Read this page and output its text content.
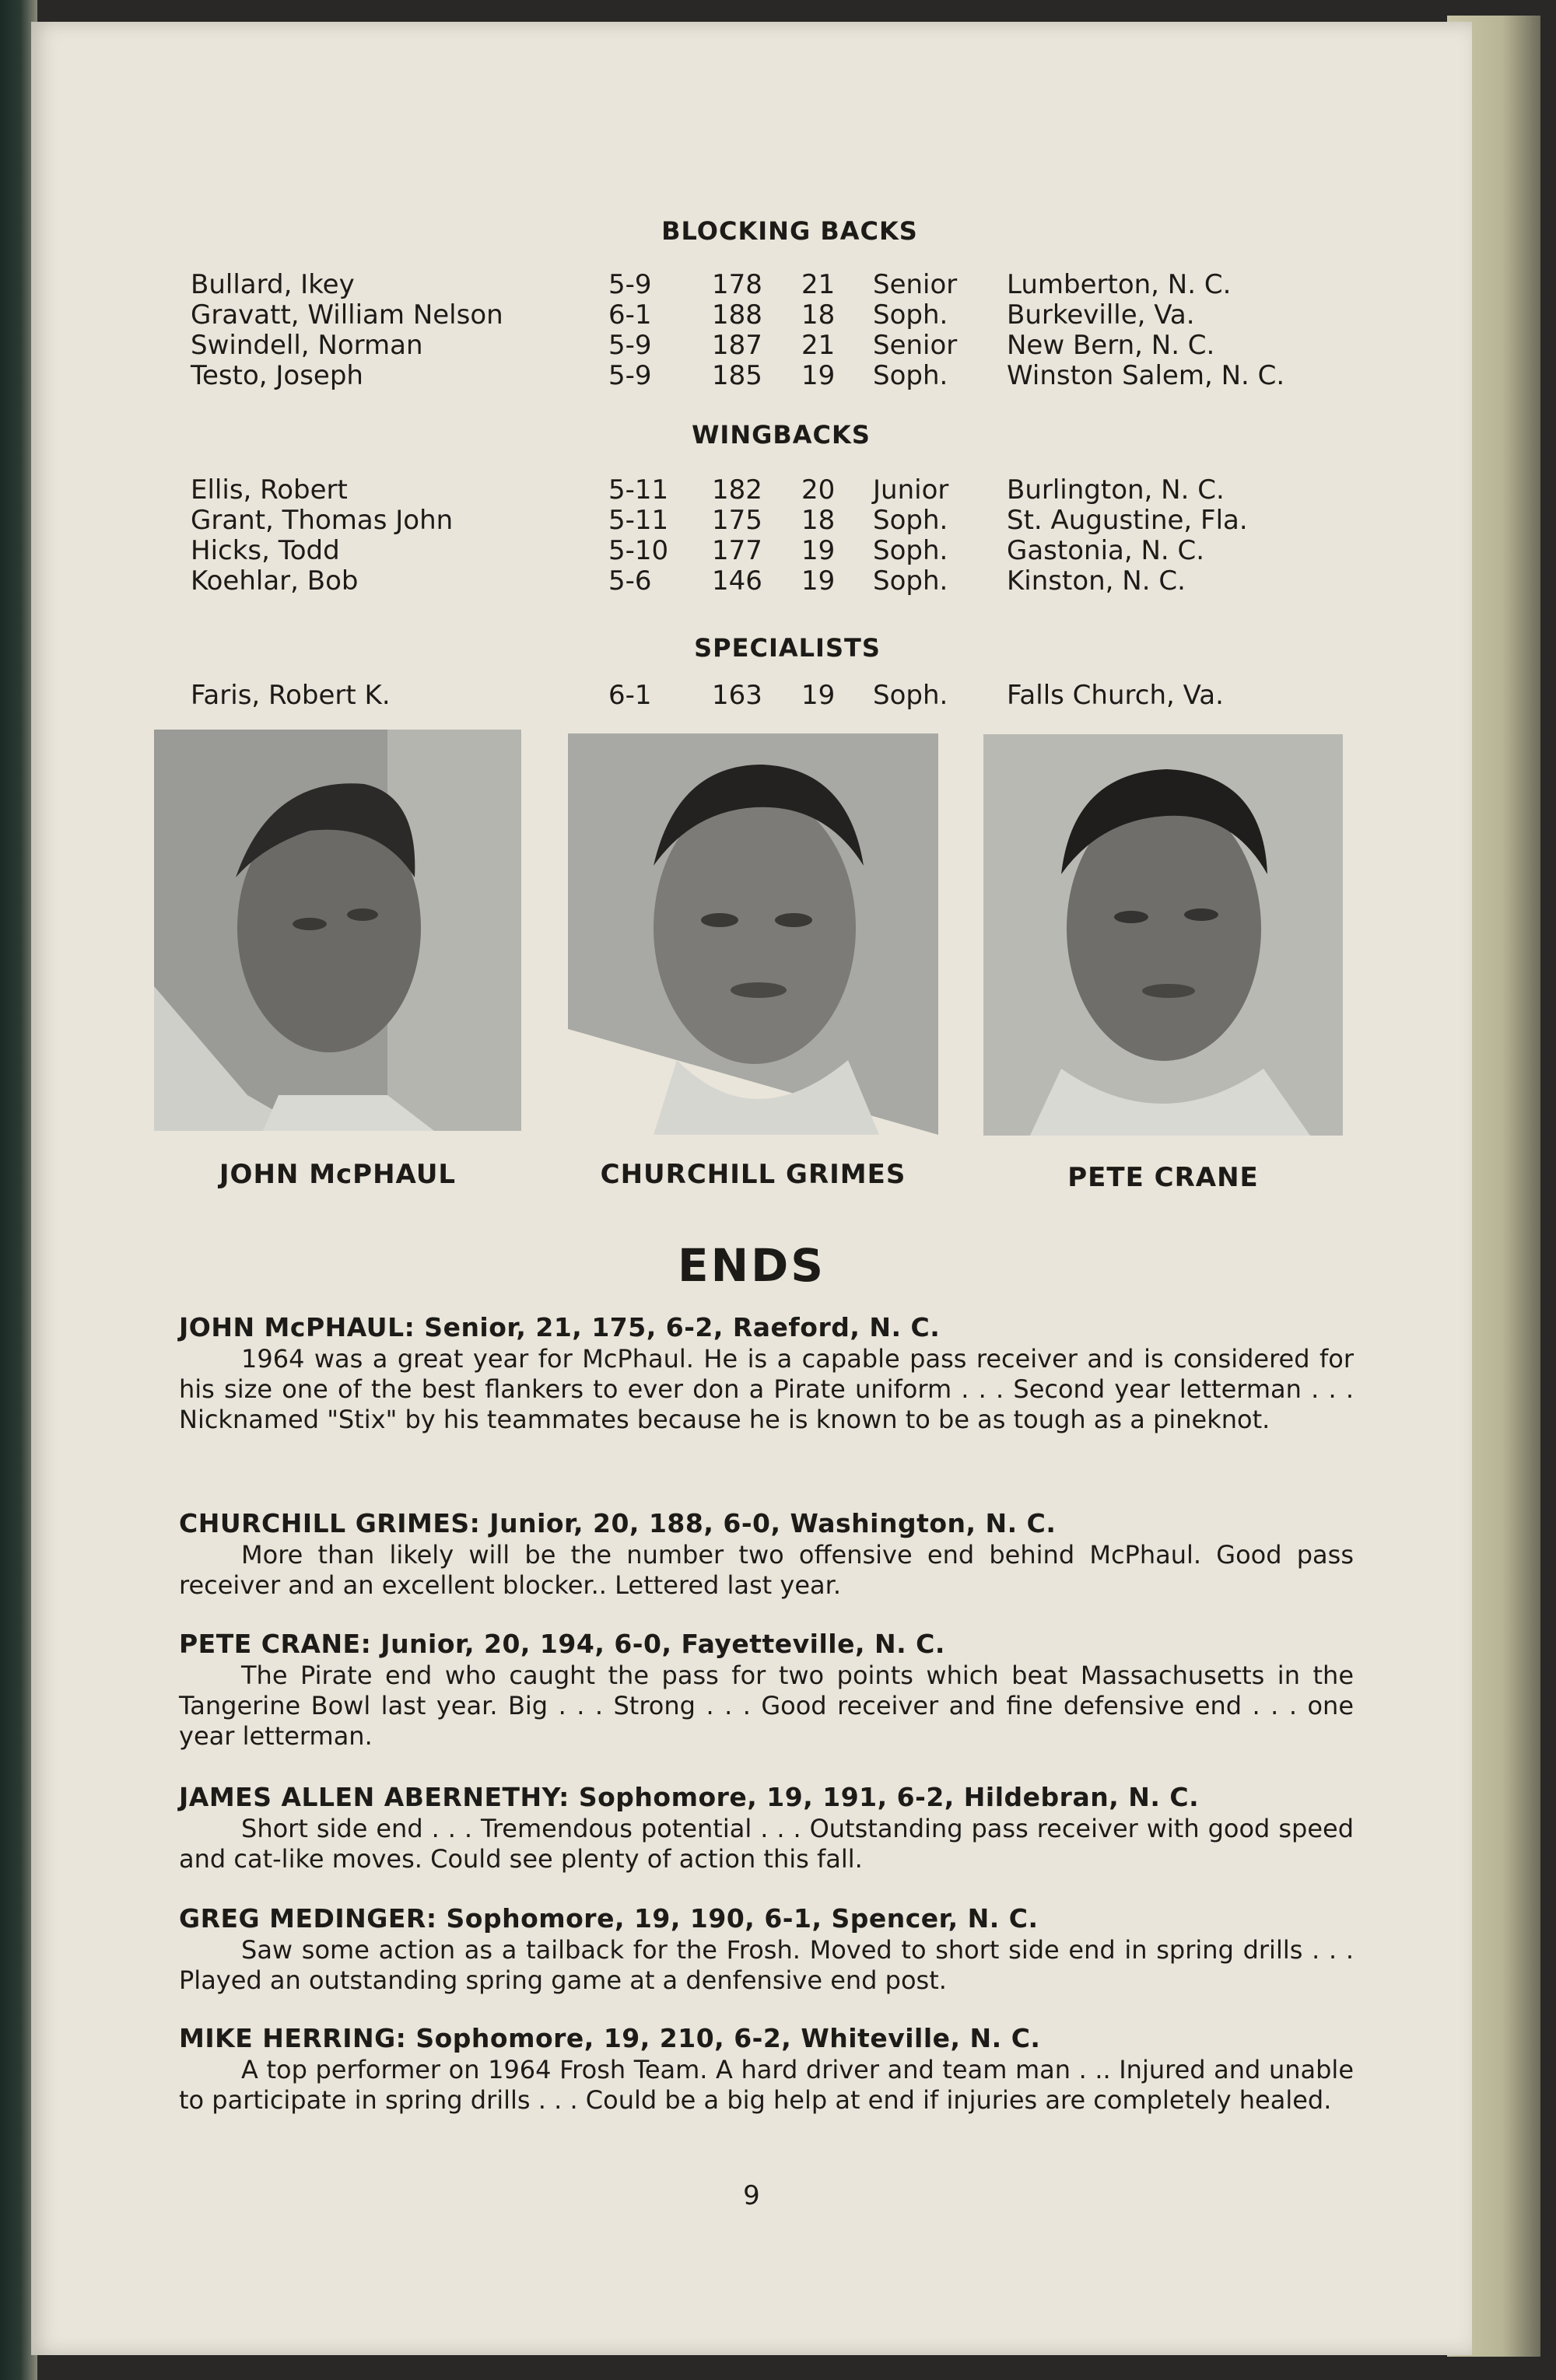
BLOCKING BACKS
Bullard, Ikey	5-9 178 21 Senior Lumberton, N. C.
Gravatt, William Nelson	6-1 188 18 Soph. Burkeville, Va.
Swindell, Norman	5-9 187 21 Senior New Bern, N. C.
Testo, Joseph	5-9 185 19 Soph. Winston Salem, N. C.
WINGBACKS
Ellis, Robert	5-11 182 20 Junior Burlington, N. C.
Grant, Thomas John	5-11 175 18 Soph. St. Augustine, Fla.
Hicks, Todd	5-10 177 19 Soph. Gastonia, N. C.
Koehlar, Bob	5-6 146 19 Soph. Kinston, N. C.
SPECIALISTS
Faris, Robert K.	6-1 163 19 Soph. Falls Church, Va.
JOHN McPHAUL	CHURCHILL GRIMES	PETE CRANE
ENDS
JOHN McPHAUL: Senior, 21, 175, 6-2, Raeford, N. C.

1964 was a great year for McPhaul. He is a capable pass receiver and is considered for his size one of the best flankers to ever don a Pirate uniform . . . Second year letterman . . . Nicknamed "Stix" by his teammates because he is known to be as tough as a pineknot.

CHURCHILL GRIMES: Junior, 20, 188, 6-0, Washington, N. C.

More than likely will be the number two offensive end behind McPhaul. Good pass receiver and an excellent blocker.. Lettered last year.

PETE CRANE: Junior, 20, 194, 6-0, Fayetteville, N. C.

The Pirate end who caught the pass for two points which beat Massachusetts in the Tangerine Bowl last year. Big . . . Strong . . . Good receiver and fine defensive end . . . one year letterman.

JAMES ALLEN ABERNETHY: Sophomore, 19, 191, 6-2, Hildebran, N. C.

Short side end . . . Tremendous potential . . . Outstanding pass receiver with good speed and cat-like moves. Could see plenty of action this fall.

GREG MEDINGER: Sophomore, 19, 190, 6-1, Spencer, N. C.

Saw some action as a tailback for the Frosh. Moved to short side end in spring drills . . . Played an outstanding spring game at a denfensive end post.

MIKE HERRING: Sophomore, 19, 210, 6-2, Whiteville, N. C.

A top performer on 1964 Frosh Team. A hard driver and team man . .. Injured and unable to participate in spring drills . . . Could be a big help at end if injuries are completely healed.

9
